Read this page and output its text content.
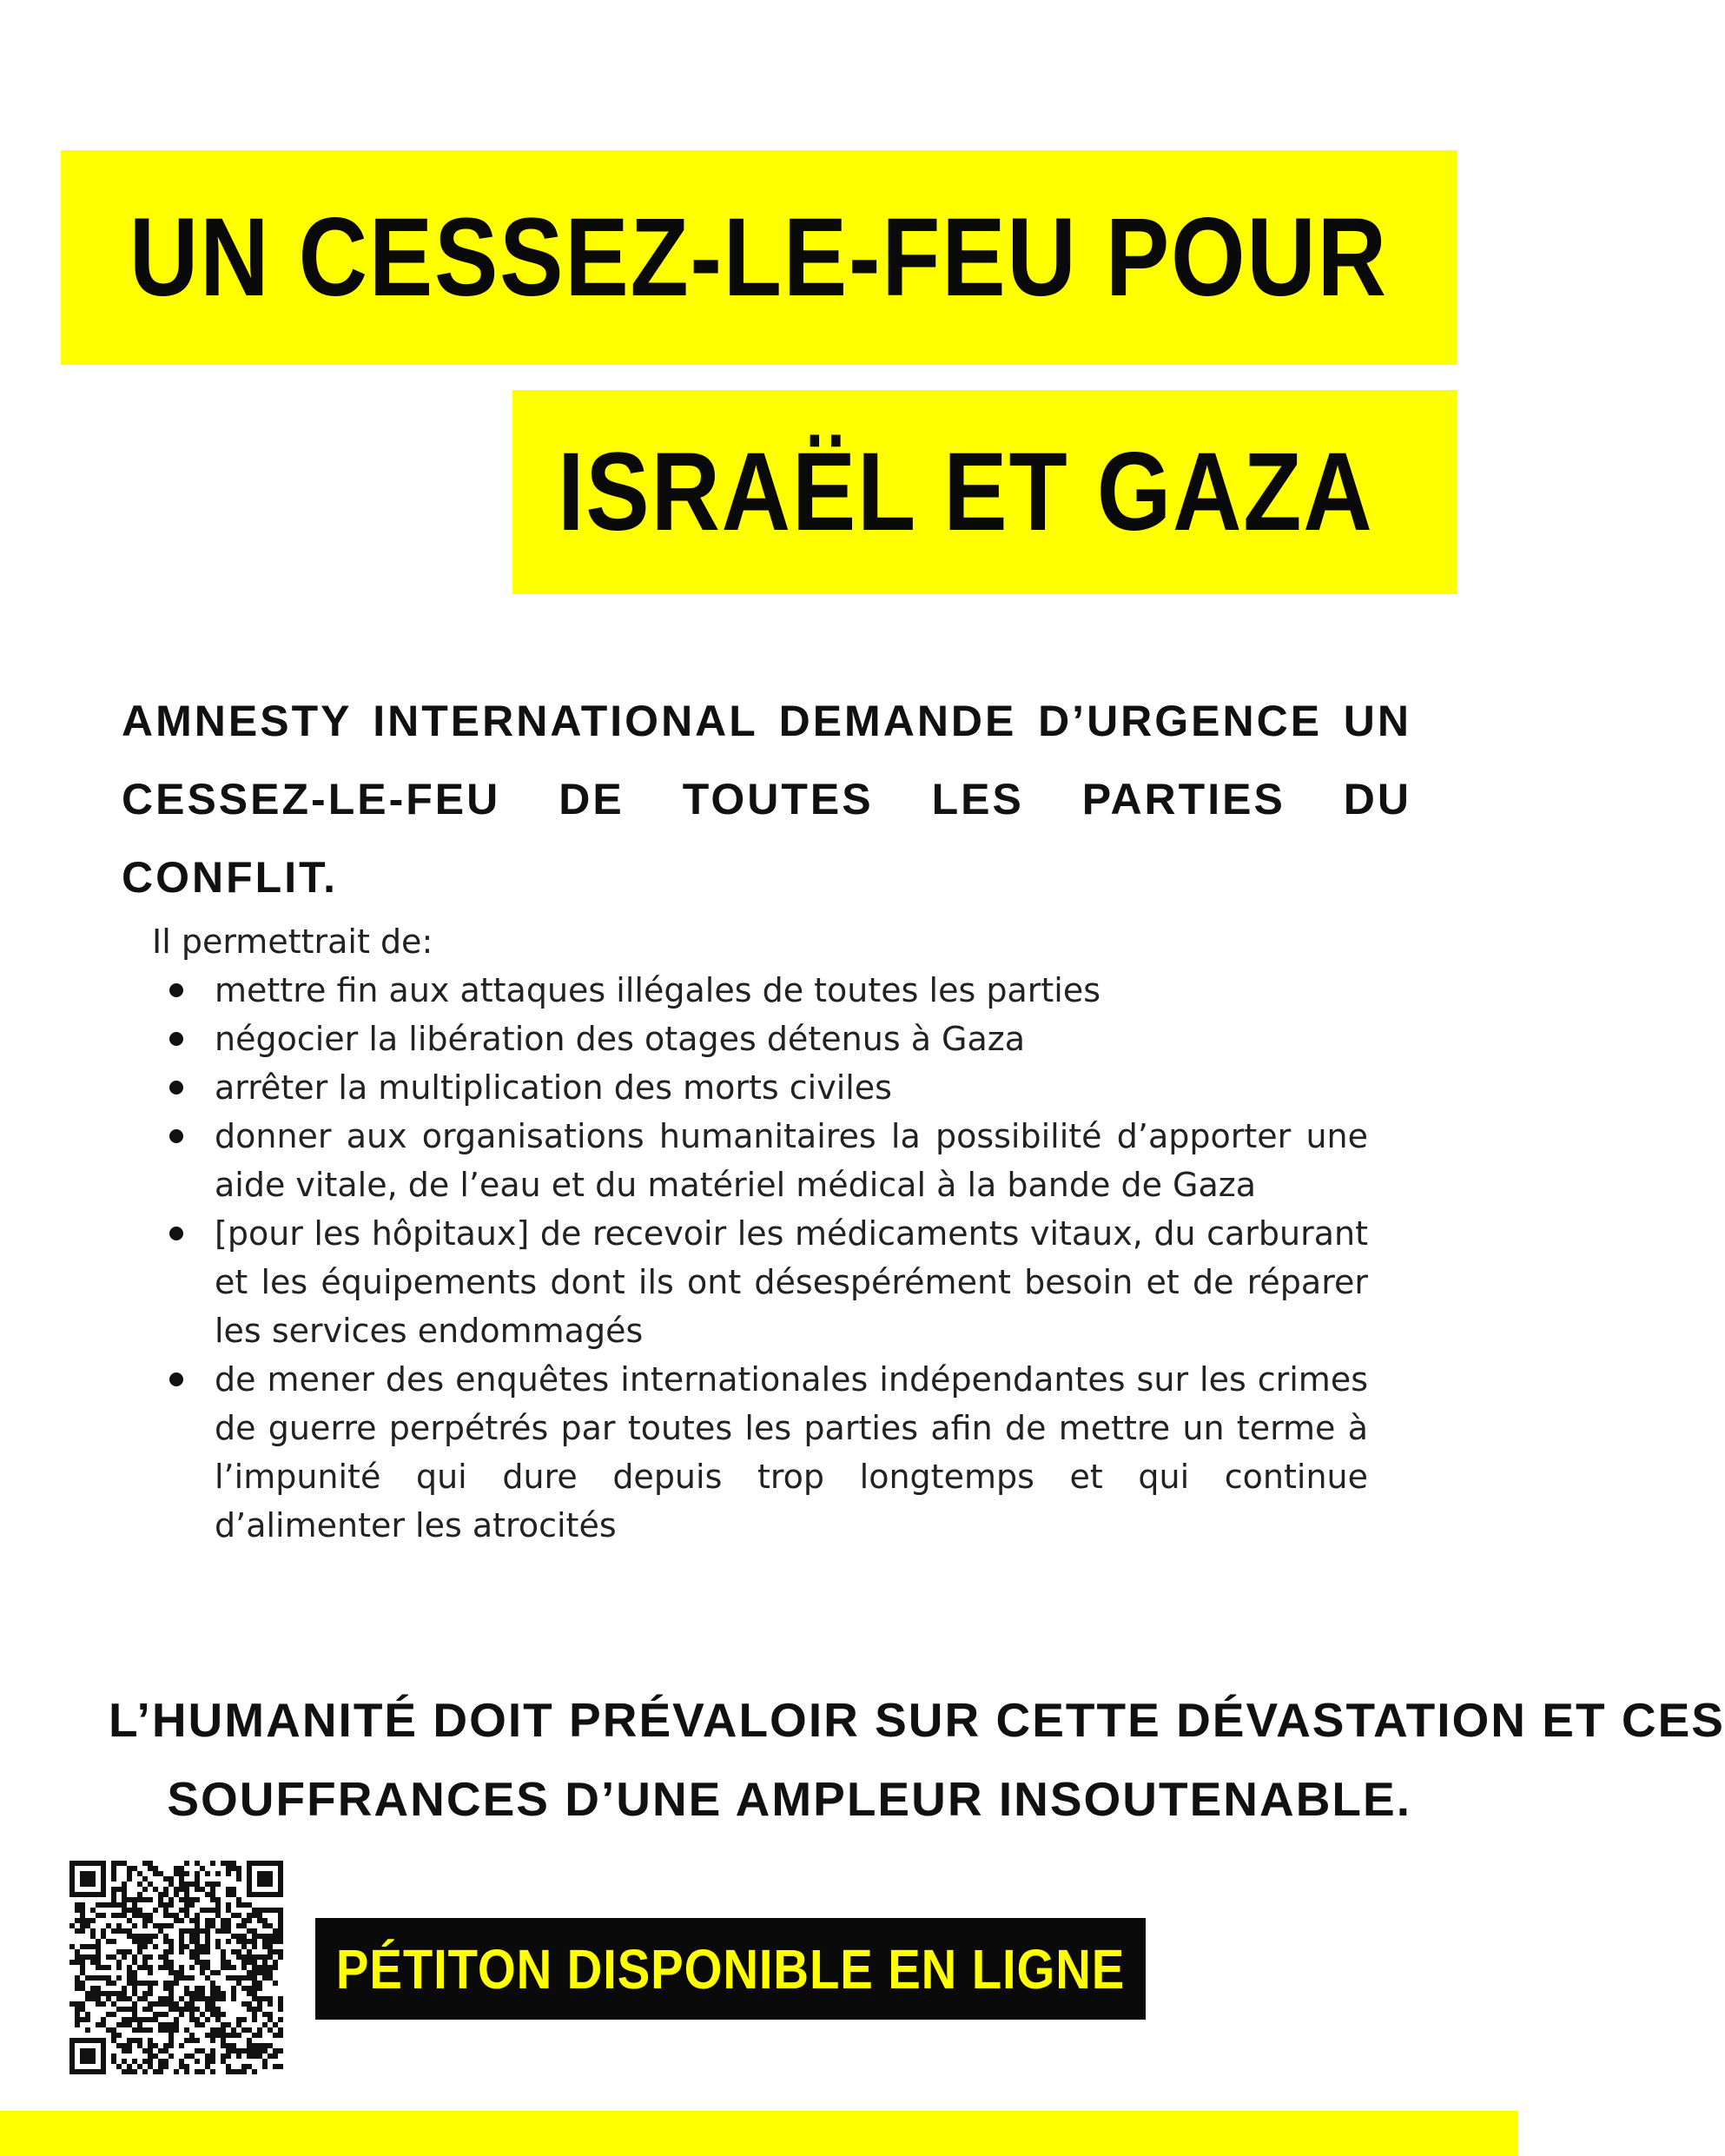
UN CESSEZ-LE-FEU POUR
ISRAËL ET GAZA
AMNESTY INTERNATIONAL DEMANDE D’URGENCE UN CESSEZ-LE-FEU DE TOUTES LES PARTIES DU CONFLIT.
Il permettrait de:
mettre fin aux attaques illégales de toutes les parties
négocier la libération des otages détenus à Gaza
arrêter la multiplication des morts civiles
donner aux organisations humanitaires la possibilité d’apporter une aide vitale, de l’eau et du matériel médical à la bande de Gaza
[pour les hôpitaux] de recevoir les médicaments vitaux, du carburant et les équipements dont ils ont désespérément besoin et de réparer les services endommagés
de mener des enquêtes internationales indépendantes sur les crimes de guerre perpétrés par toutes les parties afin de mettre un terme à l’impunité qui dure depuis trop longtemps et qui continue d’alimenter les atrocités
L’HUMANITÉ DOIT PRÉVALOIR SUR CETTE DÉVASTATION ET CES
SOUFFRANCES D’UNE AMPLEUR INSOUTENABLE.
PÉTITON DISPONIBLE EN LIGNE
